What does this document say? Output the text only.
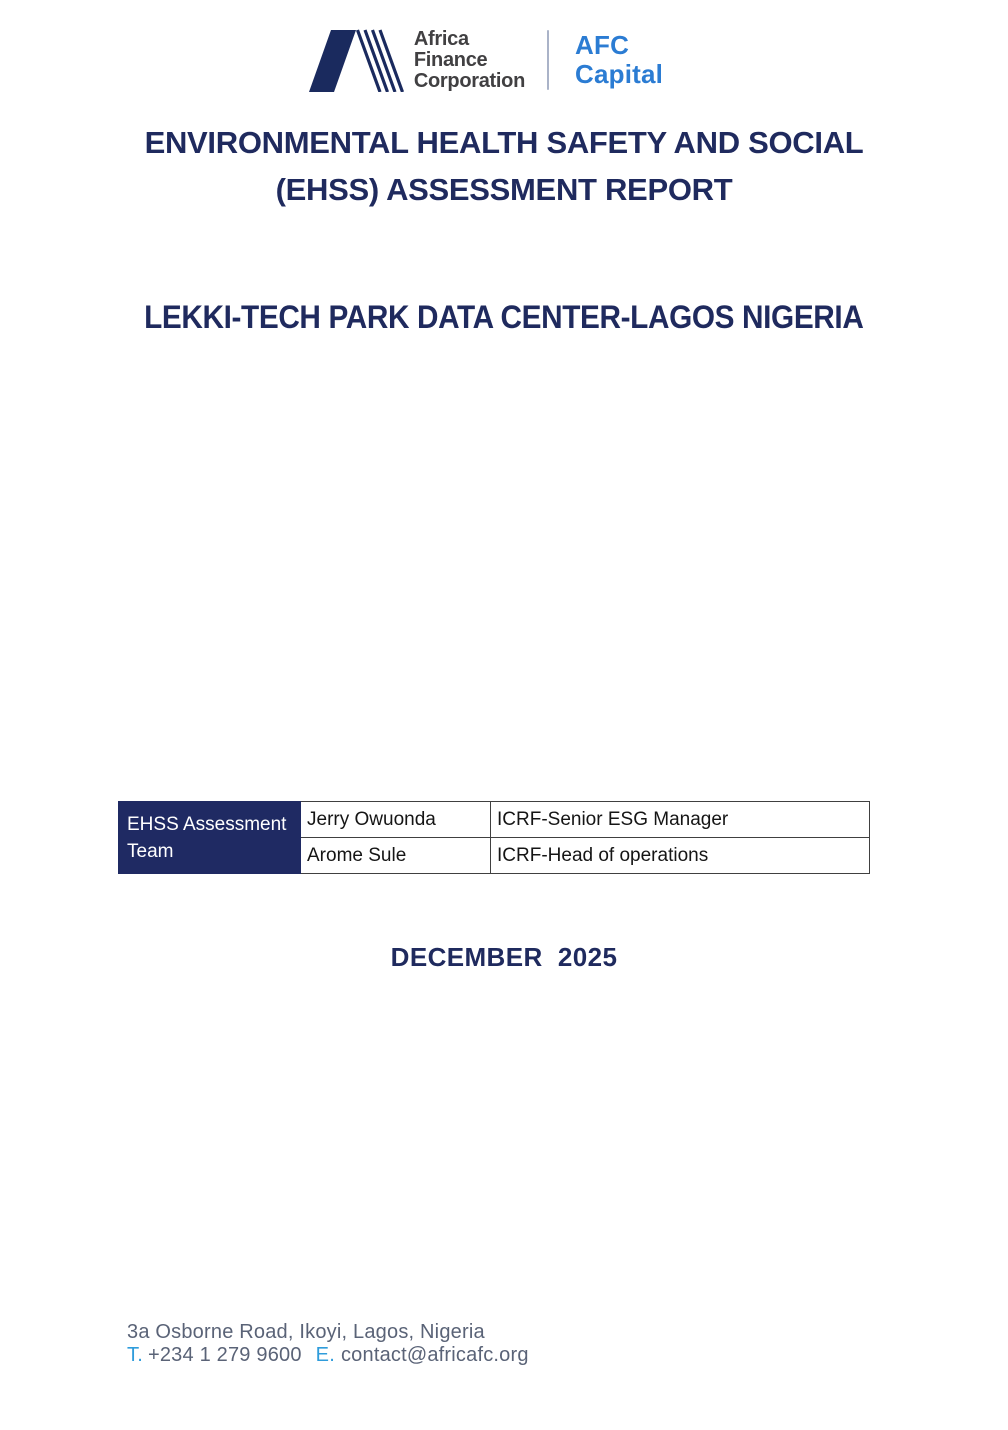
Africa
Finance
Corporation
AFC
Capital
ENVIRONMENTAL HEALTH SAFETY AND SOCIAL
(EHSS) ASSESSMENT REPORT
LEKKI-TECH PARK DATA CENTER-LAGOS NIGERIA
EHSS Assessment Team	Jerry Owuonda	ICRF-Senior ESG Manager
	Arome Sule	ICRF-Head of operations
DECEMBER  2025
3a Osborne Road, Ikoyi, Lagos, Nigeria
T. +234 1 279 9600 E. contact@africafc.org
